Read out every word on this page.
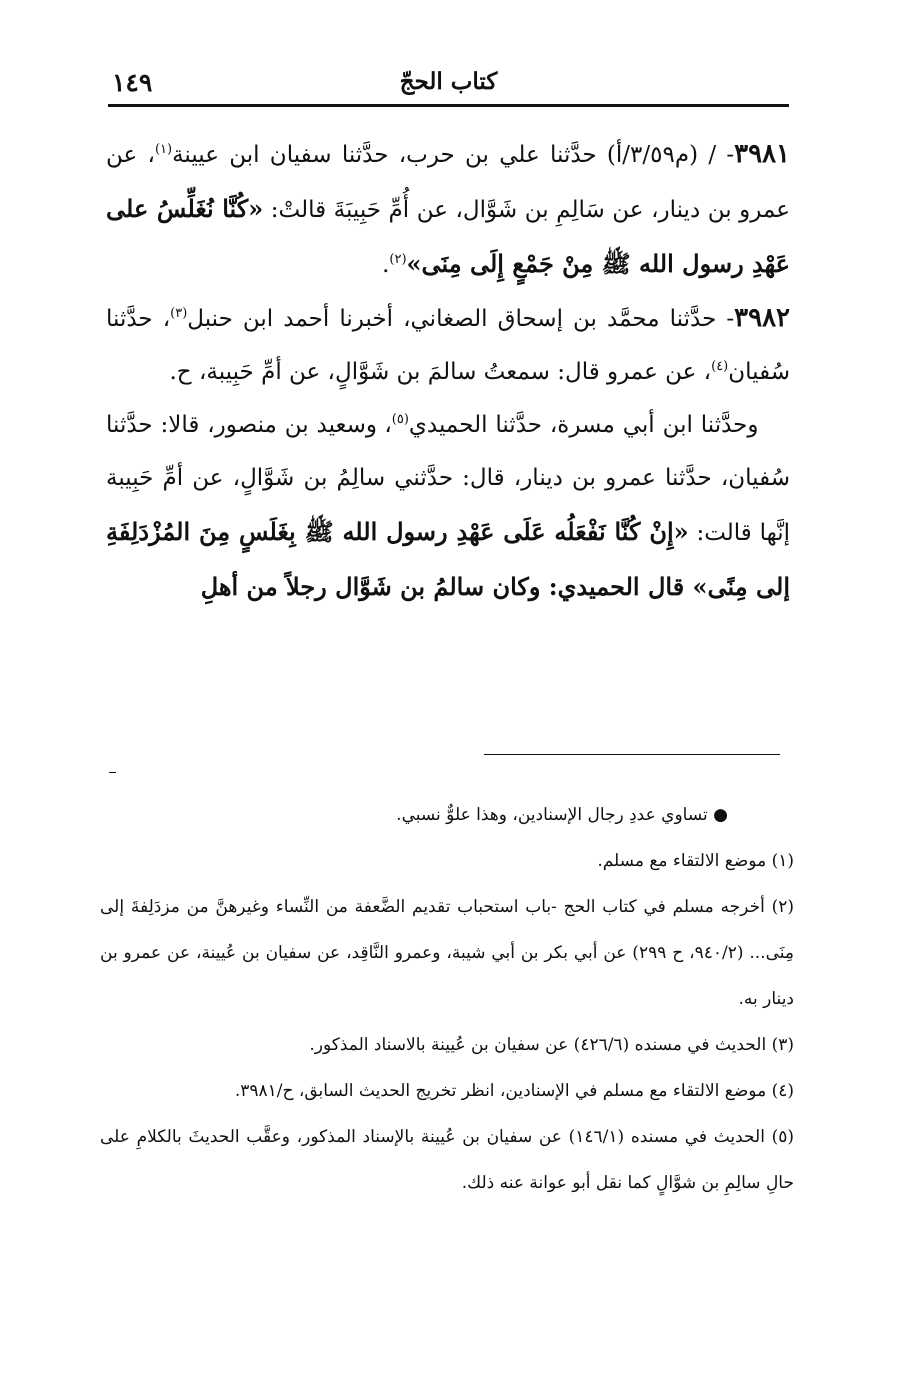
كتاب الحجّ
١٤٩

٣٩٨١- / (م٣/٥٩/أ) حدَّثنا علي بن حرب، حدَّثنا سفيان ابن عيينة$^{(١)}$، عن عمرو بن دينار، عن سَالِمِ بن شَوَّال، عن أُمِّ حَبِيبَةَ قالتْ: «كُنَّا نُغَلِّسُ على عَهْدِ رسول الله ﷺ مِنْ جَمْعٍ إِلَى مِنَى»$^{(٢)}$.

٣٩٨٢- حدَّثنا محمَّد بن إسحاق الصغاني، أخبرنا أحمد ابن حنبل$^{(٣)}$، حدَّثنا سُفيان$^{(٤)}$، عن عمرو قال: سمعتُ سالمَ بن شَوَّالٍ، عن أمِّ حَبِيبة، ح.

وحدَّثنا ابن أبي مسرة، حدَّثنا الحميدي$^{(٥)}$، وسعيد بن منصور، قالا: حدَّثنا سُفيان، حدَّثنا عمرو بن دينار، قال: حدَّثني سالِمُ بن شَوَّالٍ، عن أمِّ حَبِيبة إنَّها قالت: «إِنْ كُنَّا نَفْعَلُه عَلَى عَهْدِ رسول الله ﷺ بِغَلَسٍ مِنَ المُزْدَلِفَةِ إلى مِنًى» قال الحميدي: وكان سالمُ بن شَوَّال رجلاً من أهلِ

● تساوي عددِ رجال الإسنادين، وهذا علوٌّ نسبي.

(١) موضع الالتقاء مع مسلم.

(٢) أخرجه مسلم في كتاب الحج -باب استحباب تقديم الضَّعفة من النِّساء وغيرهنَّ من مزدَلِفةَ إلى مِنَى... (٩٤٠/٢، ح ٢٩٩) عن أبي بكر بن أبي شيبة، وعمرو النَّاقِد، عن سفيان بن عُيينة، عن عمرو بن دينار به.

(٣) الحديث في مسنده (٤٢٦/٦) عن سفيان بن عُيينة بالاسناد المذكور.

(٤) موضع الالتقاء مع مسلم في الإسنادين، انظر تخريج الحديث السابق، ح/٣٩٨١.

(٥) الحديث في مسنده (١٤٦/١) عن سفيان بن عُيينة بالإسناد المذكور، وعقَّب الحديثَ بالكلامِ على حالِ سالِمِ بن شوَّالٍ كما نقل أبو عوانة عنه ذلك.
